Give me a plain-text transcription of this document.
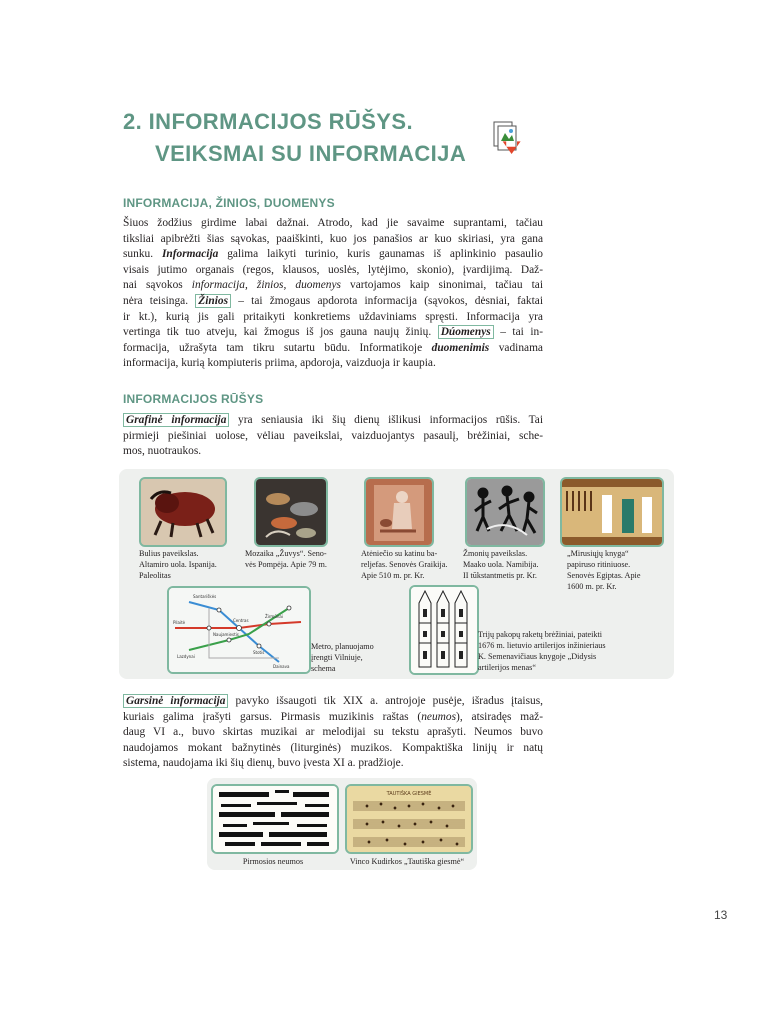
2. INFORMACIJOS RŪŠYS.

VEIKSMAI SU INFORMACIJA
INFORMACIJA, ŽINIOS, DUOMENYS
Šiuos žodžius girdime labai dažnai. Atrodo, kad jie savaime suprantami, tačiau
tiksliai apibrėžti šias sąvokas, paaiškinti, kuo jos panašios ar kuo skiriasi, yra gana
sunku. Informacija galima laikyti turinio, kuris gaunamas iš aplinkinio pasaulio
visais jutimo organais (regos, klausos, uoslės, lytėjimo, skonio), įvardijimą. Daž-
nai sąvokos informacija, žinios, duomenys vartojamos kaip sinonimai, tačiau tai
nėra teisinga. Žinios – tai žmogaus apdorota informacija (sąvokos, dėsniai, faktai
ir kt.), kurią jis gali pritaikyti konkretiems uždaviniams spręsti. Informacija yra
vertinga tik tuo atveju, kai žmogus iš jos gauna naujų žinių. Dúomenys – tai in-
formacija, užrašyta tam tikru sutartu būdu. Informatikoje duomenimis vadinama
informacija, kurią kompiuteris priima, apdoroja, vaizduoja ir kaupia.
INFORMACIJOS RŪŠYS
Grafinė informacija yra seniausia iki šių dienų išlikusi informacijos rūšis. Tai
pirmieji piešiniai uolose, vėliau paveikslai, vaizduojantys pasaulį, brėžiniai, sche-
mos, nuotraukos.
Bulius paveikslas.
Altamiro uola. Ispanija.
Paleolitas
Mozaika „Žuvys“. Seno-
vės Pompėja. Apie 79 m.
Atėniečio su katinu ba-
reljefas. Senovės Graikija.
Apie 510 m. pr. Kr.
Žmonių paveikslas.
Maako uola. Namibija.
II tūkstantmetis pr. Kr.
„Mirusiųjų knyga“
papiruso ritiniuose.
Senovės Egiptas. Apie
1600 m. pr. Kr.
Pilaitė
Santariškės
Žirmūnai
Centras
Naujamiestis
Lazdynai
Stotis
Dainava
Metro, planuojamo
įrengti Vilniuje,
schema
Trijų pakopų raketų brėžiniai, pateikti
1676 m. lietuvio artilerijos inžinieriaus
K. Semenavičiaus knygoje „Didysis
artilerijos menas“
Garsinė informacija pavyko išsaugoti tik XIX a. antrojoje pusėje, išradus įtaisus,
kuriais galima įrašyti garsus. Pirmasis muzikinis raštas (neumos), atsiradęs maž-
daug VI a., buvo skirtas muzikai ar melodijai su tekstu aprašyti. Neumos buvo
naudojamos mokant bažnytinės (liturginės) muzikos. Kompaktiška linijų ir natų
sistema, naudojama iki šių dienų, buvo įvesta XI a. pradžioje.
TAUTIŠKA GIESMĖ
Pirmosios neumos	Vinco Kudirkos „Tautiška giesmė“
13
